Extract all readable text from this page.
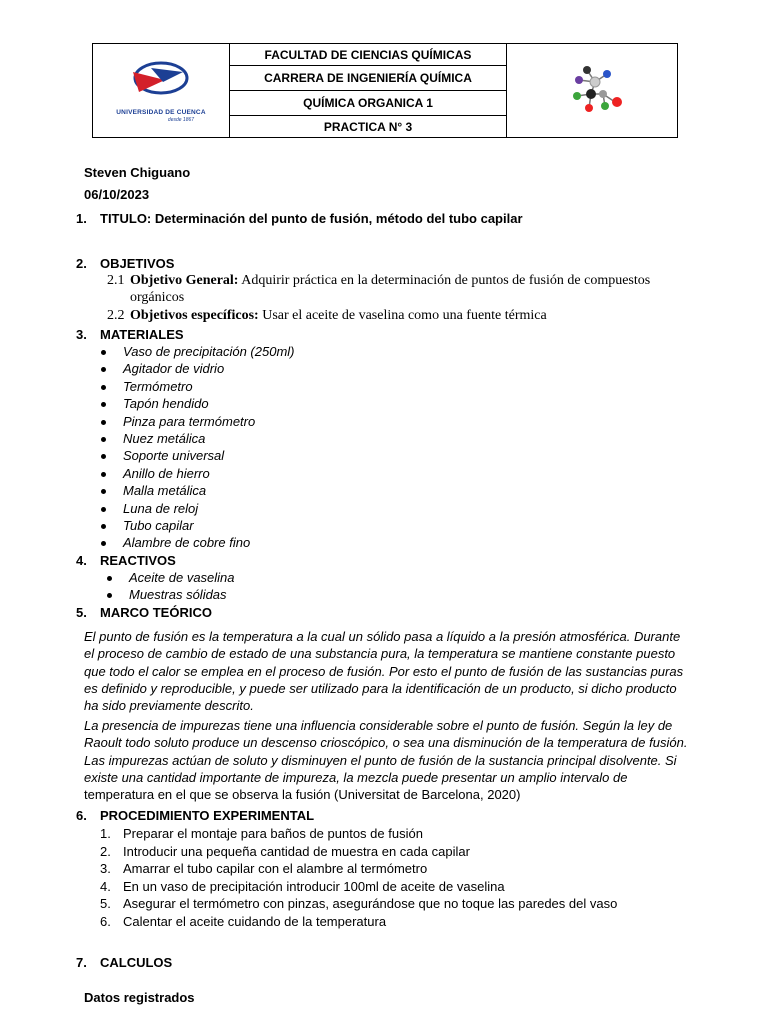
UNIVERSIDAD DE CUENCA
desde 1867
	FACULTAD DE CIENCIAS QUÍMICAS	

CARRERA DE INGENIERÍA QUÍMICA
QUÍMICA ORGANICA 1
PRACTICA N° 3
Steven Chiguano
06/10/2023
1. TITULO: Determinación del punto de fusión, método del tubo capilar
2. OBJETIVOS
2.1 Objetivo General: Adquirir práctica en la determinación de puntos de fusión de compuestos
orgánicos
2.2 Objetivos específicos: Usar el aceite de vaselina como una fuente térmica
3. MATERIALES
Vaso de precipitación (250ml)
Agitador de vidrio
Termómetro
Tapón hendido
Pinza para termómetro
Nuez metálica
Soporte universal
Anillo de hierro
Malla metálica
Luna de reloj
Tubo capilar
Alambre de cobre fino
4. REACTIVOS
Aceite de vaselina
Muestras sólidas
5. MARCO TEÓRICO
El punto de fusión es la temperatura a la cual un sólido pasa a líquido a la presión atmosférica. Durante
el proceso de cambio de estado de una substancia pura, la temperatura se mantiene constante puesto
que todo el calor se emplea en el proceso de fusión. Por esto el punto de fusión de las sustancias puras
es definido y reproducible, y puede ser utilizado para la identificación de un producto, si dicho producto
ha sido previamente descrito.
La presencia de impurezas tiene una influencia considerable sobre el punto de fusión. Según la ley de
Raoult todo soluto produce un descenso crioscópico, o sea una disminución de la temperatura de fusión.
Las impurezas actúan de soluto y disminuyen el punto de fusión de la sustancia principal disolvente. Si
existe una cantidad importante de impureza, la mezcla puede presentar un amplio intervalo de
temperatura en el que se observa la fusión (Universitat de Barcelona, 2020)
6. PROCEDIMIENTO EXPERIMENTAL
1. Preparar el montaje para baños de puntos de fusión
2. Introducir una pequeña cantidad de muestra en cada capilar
3. Amarrar el tubo capilar con el alambre al termómetro
4. En un vaso de precipitación introducir 100ml de aceite de vaselina
5. Asegurar el termómetro con pinzas, asegurándose que no toque las paredes del vaso
6. Calentar el aceite cuidando de la temperatura
7. CALCULOS
Datos registrados
